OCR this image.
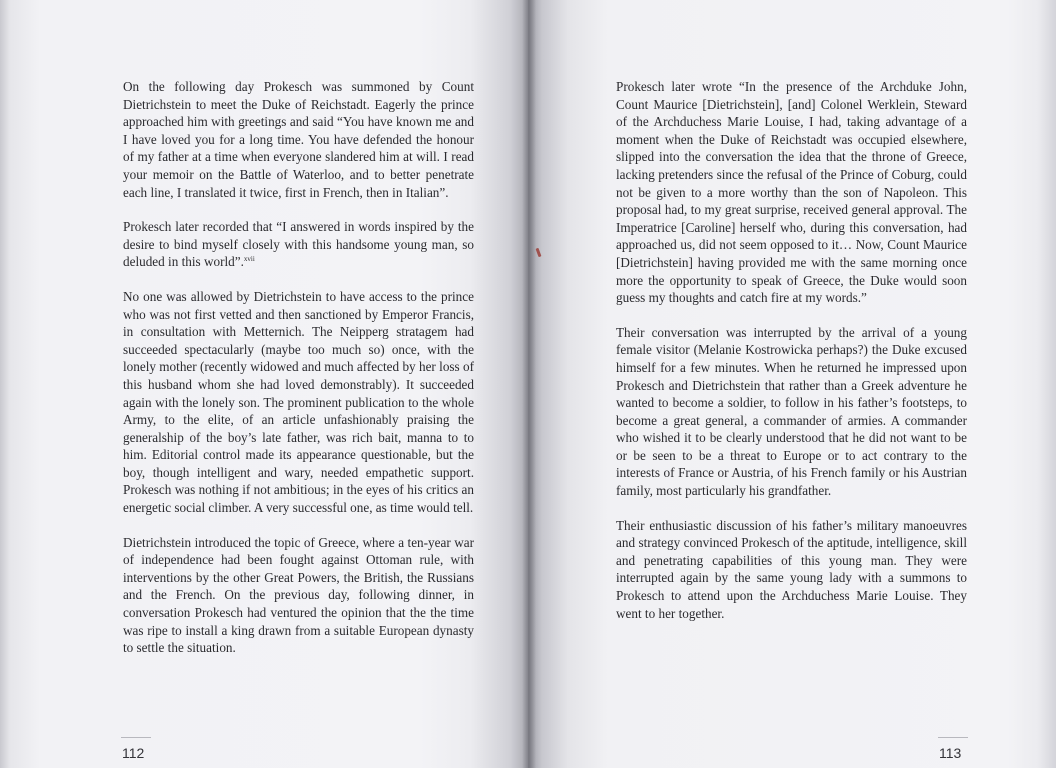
On the following day Prokesch was summoned by Count Dietrichstein to meet the Duke of Reichstadt. Eagerly the prince approached him with greetings and said “You have known me and I have loved you for a long time. You have defended the honour of my father at a time when everyone slandered him at will. I read your memoir on the Battle of Waterloo, and to better penetrate each line, I translated it twice, first in French, then in Italian”.

Prokesch later recorded that “I answered in words inspired by the desire to bind myself closely with this handsome young man, so deluded in this world”.$^{xvii}$

No one was allowed by Dietrichstein to have access to the prince who was not first vetted and then sanctioned by Emperor Francis, in consultation with Metternich. The Neipperg stratagem had succeeded spectacularly (maybe too much so) once, with the lonely mother (recently widowed and much affected by her loss of this husband whom she had loved demonstrably). It succeeded again with the lonely son. The prominent publication to the whole Army, to the elite, of an article unfashionably praising the generalship of the boy’s late father, was rich bait, manna to to him. Editorial control made its appearance questionable, but the boy, though intelligent and wary, needed empathetic support. Prokesch was nothing if not ambitious; in the eyes of his critics an energetic social climber. A very successful one, as time would tell.

Dietrichstein introduced the topic of Greece, where a ten-year war of independence had been fought against Ottoman rule, with interventions by the other Great Powers, the British, the Russians and the French. On the previous day, following dinner, in conversation Prokesch had ventured the opinion that the the time was ripe to install a king drawn from a suitable European dynasty to settle the situation.

112

Prokesch later wrote “In the presence of the Archduke John, Count Maurice [Dietrichstein], [and] Colonel Werklein, Steward of the Archduchess Marie Louise, I had, taking advantage of a moment when the Duke of Reichstadt was occupied elsewhere, slipped into the conversation the idea that the throne of Greece, lacking pretenders since the refusal of the Prince of Coburg, could not be given to a more worthy than the son of Napoleon. This proposal had, to my great surprise, received general approval. The Imperatrice [Caroline] herself who, during this conversation, had approached us, did not seem opposed to it… Now, Count Maurice [Dietrichstein] having provided me with the same morning once more the opportunity to speak of Greece, the Duke would soon guess my thoughts and catch fire at my words.”

Their conversation was interrupted by the arrival of a young female visitor (Melanie Kostrowicka perhaps?) the Duke excused himself for a few minutes. When he returned he impressed upon Prokesch and Dietrichstein that rather than a Greek adventure he wanted to become a soldier, to follow in his father’s footsteps, to become a great general, a commander of armies. A commander who wished it to be clearly understood that he did not want to be or be seen to be a threat to Europe or to act contrary to the interests of France or Austria, of his French family or his Austrian family, most particularly his grandfather.

Their enthusiastic discussion of his father’s military manoeuvres and strategy convinced Prokesch of the aptitude, intelligence, skill and penetrating capabilities of this young man. They were interrupted again by the same young lady with a summons to Prokesch to attend upon the Archduchess Marie Louise. They went to her together.

113
